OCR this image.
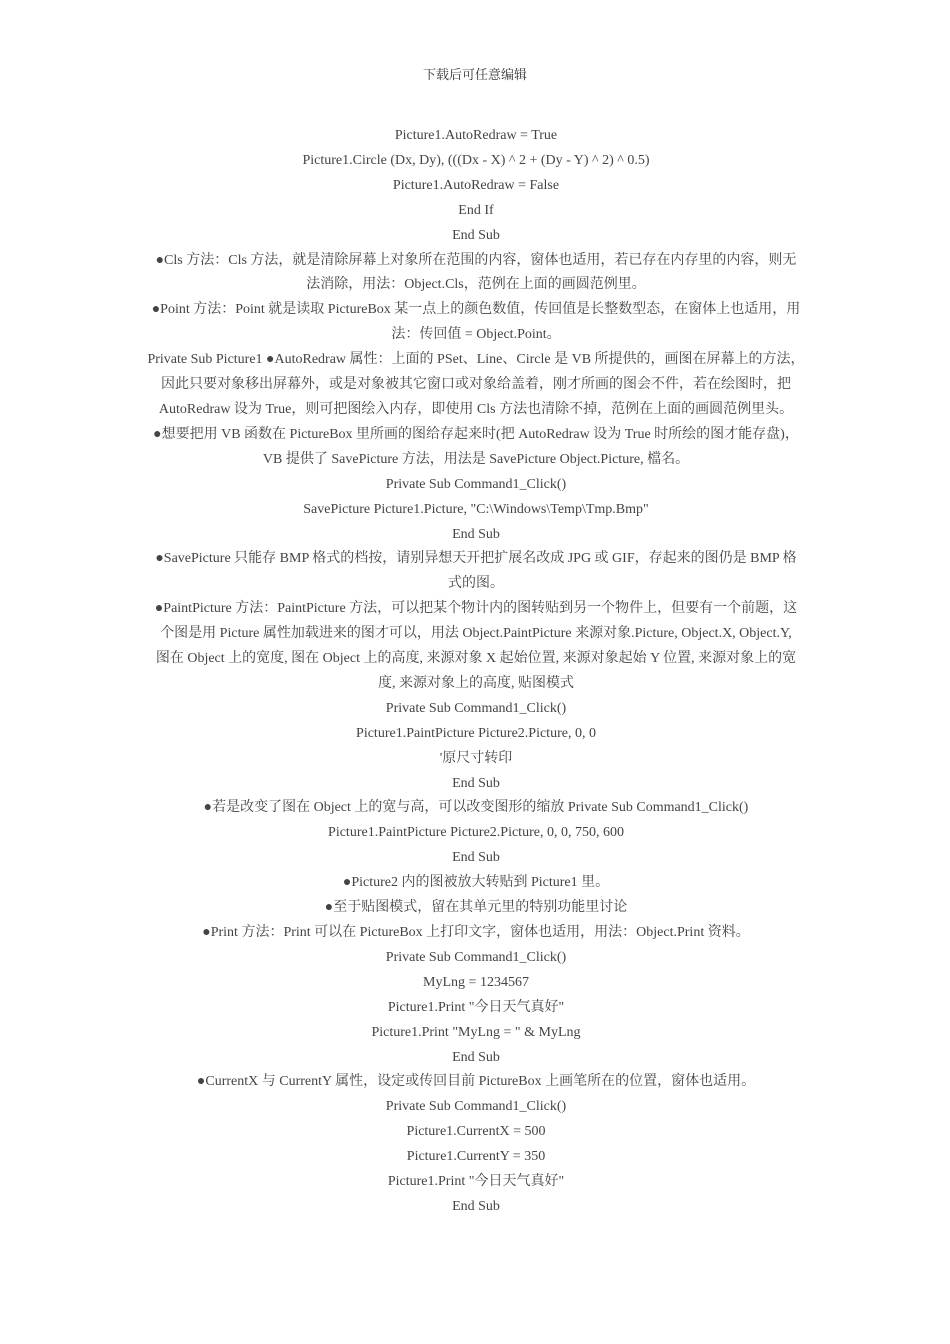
下载后可任意编辑
Picture1.AutoRedraw = True
Picture1.Circle (Dx, Dy), (((Dx - X) ^ 2 + (Dy - Y) ^ 2) ^ 0.5)
Picture1.AutoRedraw = False
End If
End Sub
●Cls 方法：Cls 方法，就是清除屏幕上对象所在范围的内容，窗体也适用，若已存在内存里的内容，则无
法消除，用法：Object.Cls，范例在上面的画圆范例里。
●Point 方法：Point 就是读取 PictureBox 某一点上的颜色数值，传回值是长整数型态，在窗体上也适用，用
法：传回值 = Object.Point。
Private Sub Picture1 ●AutoRedraw 属性：上面的 PSet、Line、Circle 是 VB 所提供的，画图在屏幕上的方法，
因此只要对象移出屏幕外，或是对象被其它窗口或对象给盖着，刚才所画的图会不件，若在绘图时，把
AutoRedraw 设为 True，则可把图绘入内存，即使用 Cls 方法也清除不掉，范例在上面的画圆范例里头。
●想要把用 VB 函数在 PictureBox 里所画的图给存起来时(把 AutoRedraw 设为 True 时所绘的图才能存盘)，
VB 提供了 SavePicture 方法，用法是 SavePicture Object.Picture, 檔名。
Private Sub Command1_Click()
SavePicture Picture1.Picture, "C:\Windows\Temp\Tmp.Bmp"
End Sub
●SavePicture 只能存 BMP 格式的档按，请别异想天开把扩展名改成 JPG 或 GIF，存起来的图仍是 BMP 格
式的图。
●PaintPicture 方法：PaintPicture 方法，可以把某个物计内的图转贴到另一个物件上，但要有一个前题，这
个图是用 Picture 属性加载进来的图才可以，用法 Object.PaintPicture 来源对象.Picture, Object.X, Object.Y,
图在 Object 上的宽度, 图在 Object 上的高度, 来源对象 X 起始位置, 来源对象起始 Y 位置, 来源对象上的宽
度, 来源对象上的高度, 贴图模式
Private Sub Command1_Click()
Picture1.PaintPicture Picture2.Picture, 0, 0
'原尺寸转印
End Sub
●若是改变了图在 Object 上的宽与高，可以改变图形的缩放 Private Sub Command1_Click()
Picture1.PaintPicture Picture2.Picture, 0, 0, 750, 600
End Sub
●Picture2 内的图被放大转贴到 Picture1 里。
●至于贴图模式，留在其单元里的特别功能里讨论
●Print 方法：Print 可以在 PictureBox 上打印文字，窗体也适用，用法：Object.Print 资料。
Private Sub Command1_Click()
MyLng = 1234567
Picture1.Print "今日天气真好"
Picture1.Print "MyLng = " & MyLng
End Sub
●CurrentX 与 CurrentY 属性，设定或传回目前 PictureBox 上画笔所在的位置，窗体也适用。
Private Sub Command1_Click()
Picture1.CurrentX = 500
Picture1.CurrentY = 350
Picture1.Print "今日天气真好"
End Sub
